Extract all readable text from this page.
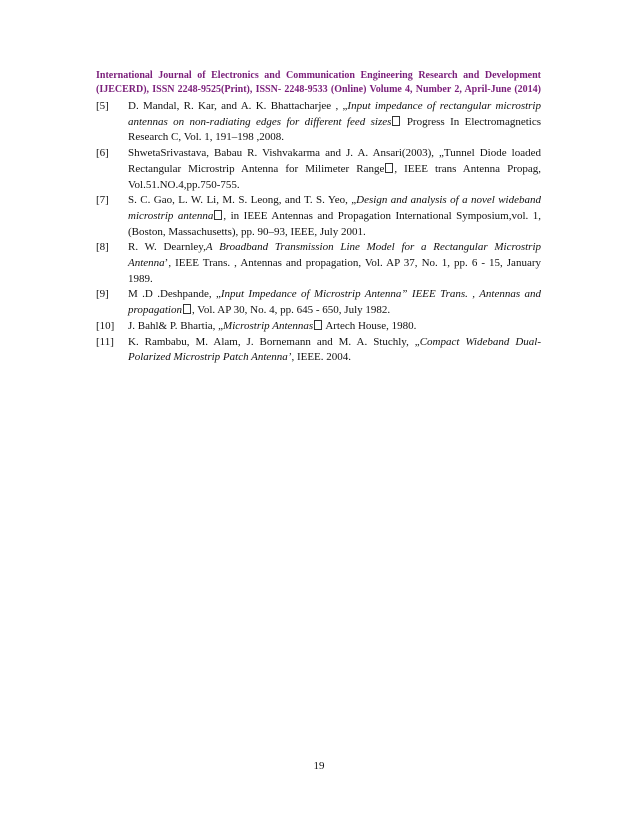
International Journal of Electronics and Communication Engineering Research and Development
(IJECERD), ISSN 2248-9525(Print), ISSN- 2248-9533 (Online) Volume 4, Number 2, April-June (2014)
[5]	D. Mandal, R. Kar, and A. K. Bhattacharjee , „Input impedance of rectangular microstrip antennas on non-radiating edges for different feed sizes Progress In Electromagnetics Research C, Vol. 1, 191–198 ,2008.
[6]	ShwetaSrivastava, Babau R. Vishvakarma and J. A. Ansari(2003), „Tunnel Diode loaded Rectangular Microstrip Antenna for Milimeter Range , IEEE trans Antenna Propag, Vol.51.NO.4,pp.750-755.
[7]	S. C. Gao, L. W. Li, M. S. Leong, and T. S. Yeo, „Design and analysis of a novel wideband microstrip antenna , in IEEE Antennas and Propagation International Symposium,vol. 1, (Boston, Massachusetts), pp. 90–93, IEEE, July 2001.
[8]	R. W. Dearnley,A Broadband Transmission Line Model for a Rectangular Microstrip Antenna’, IEEE Trans. , Antennas and propagation, Vol. AP 37, No. 1, pp. 6 - 15, January 1989.
[9]	M .D .Deshpande, „Input Impedance of Microstrip Antenna” IEEE Trans. , Antennas and propagation , Vol. AP 30, No. 4, pp. 645 - 650, July 1982.
[10]	J. Bahl& P. Bhartia, „Microstrip Antennas Artech House, 1980.
[11]	K. Rambabu, M. Alam, J. Bornemann and M. A. Stuchly, „Compact Wideband Dual-Polarized Microstrip Patch Antenna’, IEEE. 2004.
19
